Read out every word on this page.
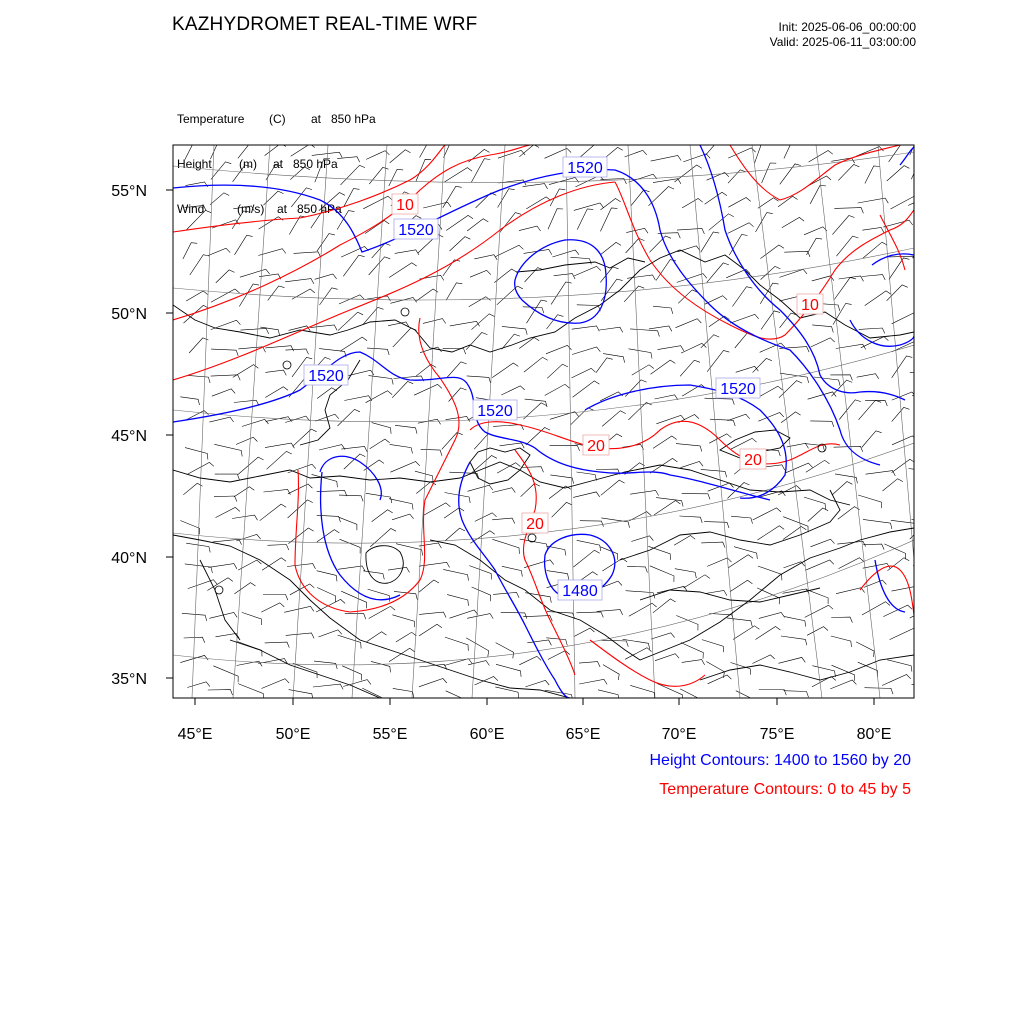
KAZHYDROMET REAL-TIME WRF	Init: 2025-06-06_00:00:00
Valid: 2025-06-11_03:00:00

Temperature (C) at   850 hPa

Height (m) at   850 hPa

Wind	(m/s) at   850 hPa

1520
1520
1520
1520
1520
1480
10
10
20
20
20
55°N
50°N
45°N
40°N
35°N
45°E	50°E	55°E	60°E	65°E	70°E	75°E	80°E
Height Contours: 1400 to 1560 by 20
Temperature Contours: 0 to 45 by 5
